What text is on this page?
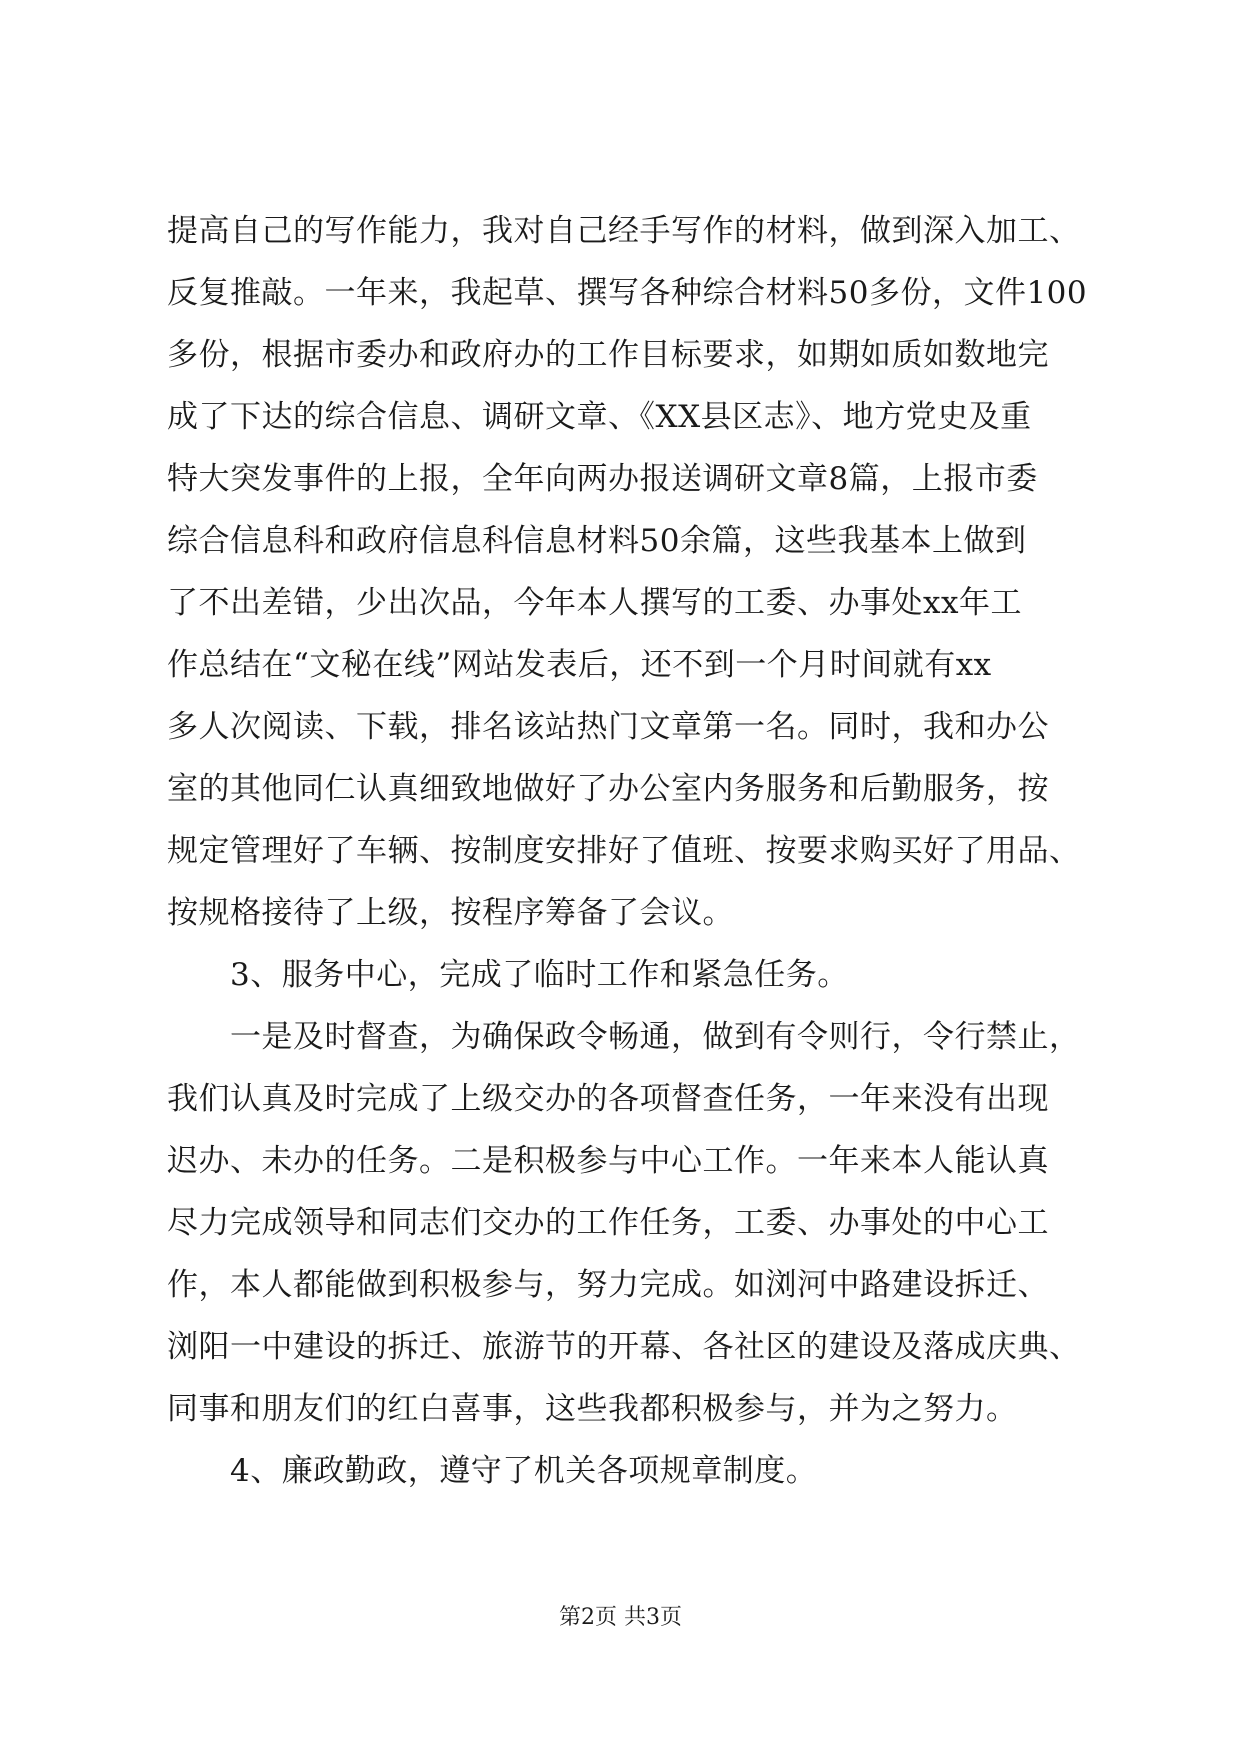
提高自己的写作能力，我对自己经手写作的材料，做到深入加工、
反复推敲。一年来，我起草、撰写各种综合材料50多份，文件100
多份，根据市委办和政府办的工作目标要求，如期如质如数地完
成了下达的综合信息、调研文章、《XX县区志》、地方党史及重
特大突发事件的上报，全年向两办报送调研文章8篇，上报市委
综合信息科和政府信息科信息材料50余篇，这些我基本上做到
了不出差错，少出次品，今年本人撰写的工委、办事处xx年工
作总结在“文秘在线”网站发表后，还不到一个月时间就有xx
多人次阅读、下载，排名该站热门文章第一名。同时，我和办公
室的其他同仁认真细致地做好了办公室内务服务和后勤服务，按
规定管理好了车辆、按制度安排好了值班、按要求购买好了用品、
按规格接待了上级，按程序筹备了会议。
　　3、服务中心，完成了临时工作和紧急任务。
　　一是及时督查，为确保政令畅通，做到有令则行，令行禁止，
我们认真及时完成了上级交办的各项督查任务，一年来没有出现
迟办、未办的任务。二是积极参与中心工作。一年来本人能认真
尽力完成领导和同志们交办的工作任务，工委、办事处的中心工
作，本人都能做到积极参与，努力完成。如浏河中路建设拆迁、
浏阳一中建设的拆迁、旅游节的开幕、各社区的建设及落成庆典、
同事和朋友们的红白喜事，这些我都积极参与，并为之努力。
　　4、廉政勤政，遵守了机关各项规章制度。
第2页 共3页
